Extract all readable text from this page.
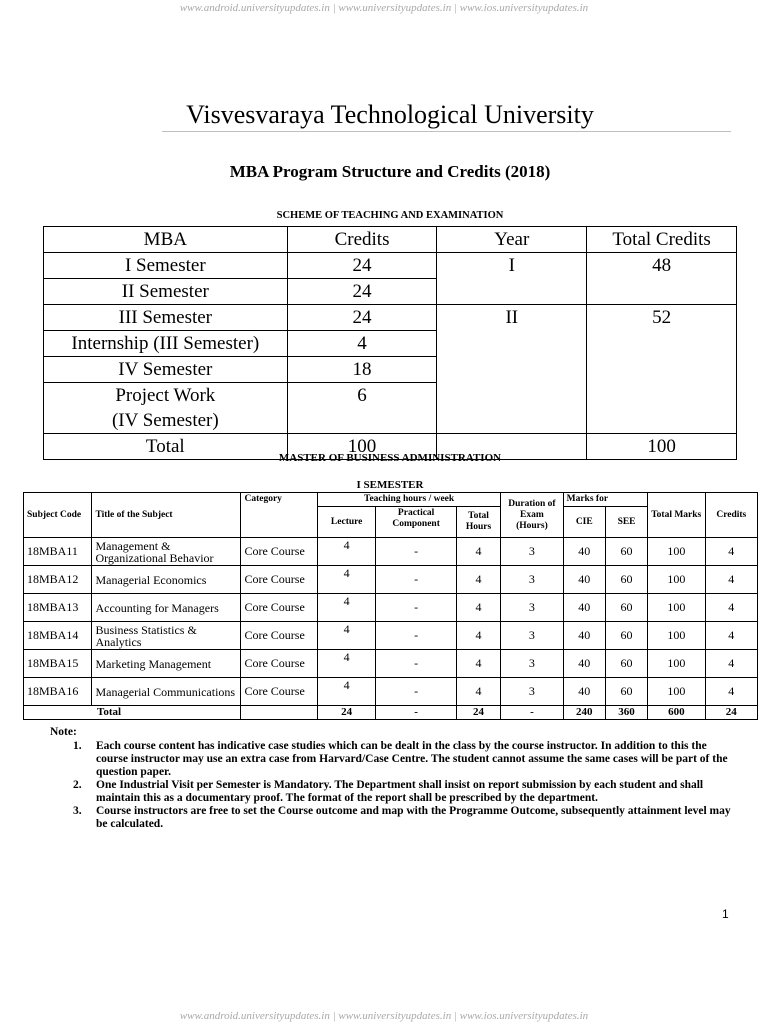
www.android.universityupdates.in | www.universityupdates.in | www.ios.universityupdates.in
Visvesvaraya Technological University
MBA Program Structure and Credits (2018)
SCHEME OF TEACHING AND EXAMINATION
MBA	Credits	Year	Total Credits
I Semester	24	I	48
II Semester	24		
III Semester	24	II	52
Internship (III Semester)	4		
IV Semester	18		

Project Work
(IV Semester)	6		
Total	100		100
MASTER OF BUSINESS ADMINISTRATION
I SEMESTER
Subject Code	Title of the Subject	Category	Teaching hours / week			Duration of Exam (Hours)	Marks for		Total Marks	Credits
			Lecture	Practical Component	Total Hours		CIE	SEE		
18MBA11	Management & Organizational Behavior	Core Course	4	-	4	3	40	60	100	4
18MBA12	Managerial Economics	Core Course	4	-	4	3	40	60	100	4
18MBA13	Accounting for Managers	Core Course	4	-	4	3	40	60	100	4
18MBA14	Business Statistics & Analytics	Core Course	4	-	4	3	40	60	100	4
18MBA15	Marketing Management	Core Course	4	-	4	3	40	60	100	4
18MBA16	Managerial Communications	Core Course	4	-	4	3	40	60	100	4
Total			24	-	24	-	240	360	600	24
Note:
1. Each course content has indicative case studies which can be dealt in the class by the course instructor. In addition to this the course instructor may use an extra case from Harvard/Case Centre. The student cannot assume the same cases will be part of the question paper.
2. One Industrial Visit per Semester is Mandatory. The Department shall insist on report submission by each student and shall maintain this as a documentary proof. The format of the report shall be prescribed by the department.
3. Course instructors are free to set the Course outcome and map with the Programme Outcome, subsequently attainment level may be calculated.
1
www.android.universityupdates.in | www.universityupdates.in | www.ios.universityupdates.in
